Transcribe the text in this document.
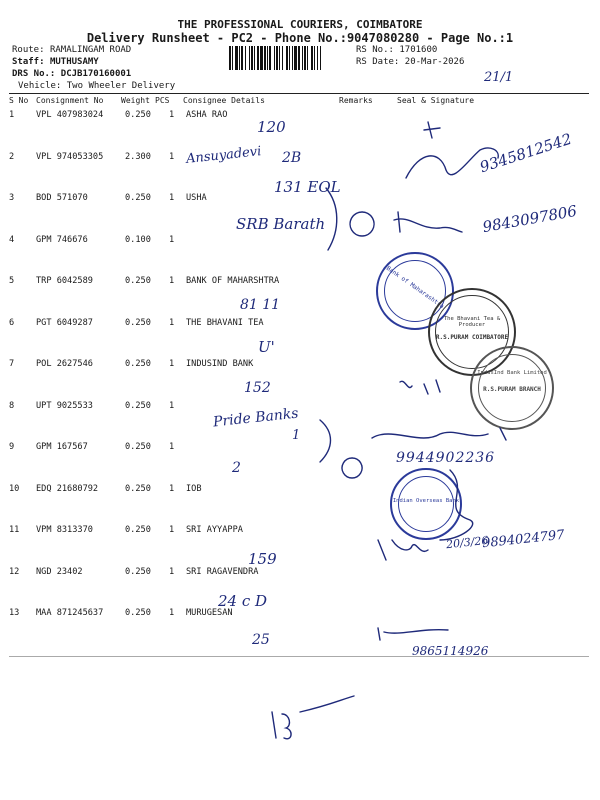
THE PROFESSIONAL COURIERS, COIMBATORE
Delivery Runsheet - PC2 - Phone No.:9047080280 - Page No.:1
Route: RAMALINGAM ROAD
Staff: MUTHUSAMY
DRS No.: DCJB170160001
Vehicle: Two Wheeler Delivery
RS No.: 1701600
RS Date: 20-Mar-2026
S No Consignment No Weight PCS Consignee Details	Remarks	Seal & Signature
1	VPL 407983024	0.250 1 ASHA RAO
2	VPL 974053305	2.300 1
3	BOD 571070	0.250 1 USHA
4	GPM 746676	0.100 1
5	TRP 6042589	0.250 1 BANK OF MAHARSHTRA
6	PGT 6049287	0.250 1 THE BHAVANI TEA
7	POL 2627546	0.250 1 INDUSIND BANK
8	UPT 9025533	0.250 1
9	GPM 167567	0.250 1
10 EDQ 21680792	0.250 1 IOB
11 VPM 8313370	0.250 1 SRI AYYAPPA
12 NGD 23402	0.250 1 SRI RAGAVENDRA
13 MAA 871245637	0.250 1 MURUGESAN
Bank of Maharashtra
The Bhavani Tea & Producer
R.S.PURAM COIMBATORE
IndusInd Bank Limited
R.S.PURAM BRANCH
Indian Overseas Bank
21/1
120
Ansuyadevi 2B	9345812542
131 EOL
SRB Barath	9843097806
81 11
U'
152
Pride Banks
1
2
9944902236
159
20/3/26
9894024797
24 c D
25
9865114926
